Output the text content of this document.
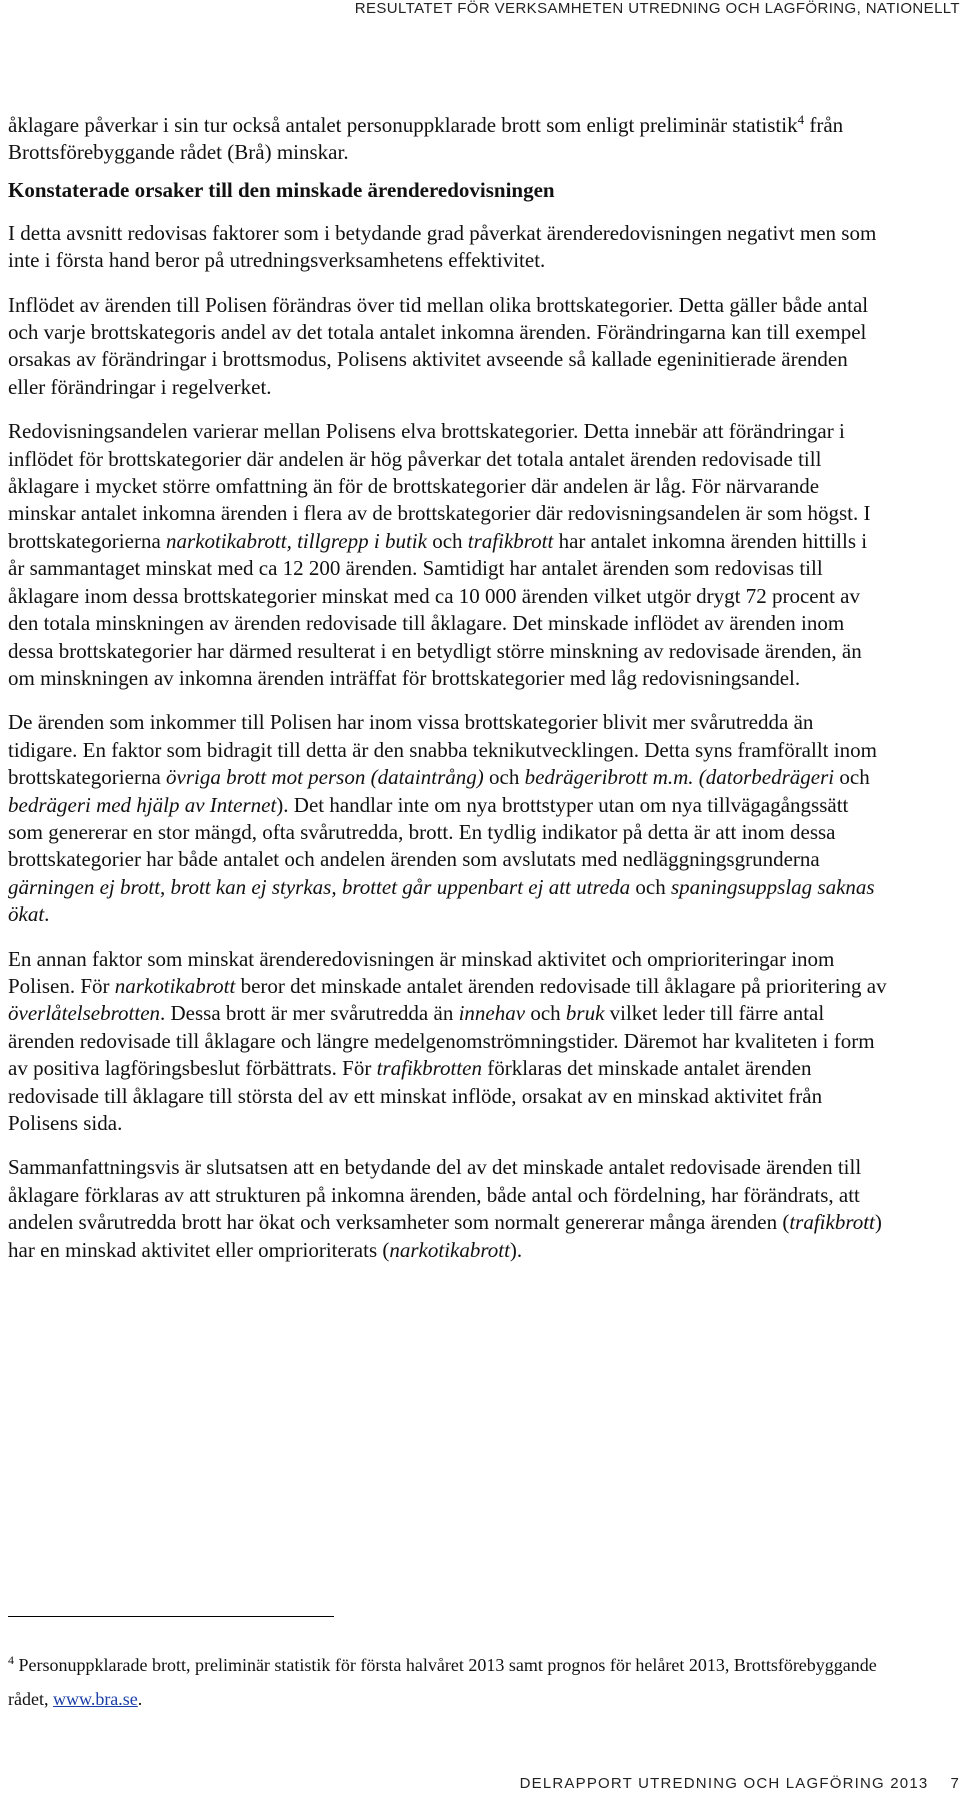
RESULTATET FÖR VERKSAMHETEN UTREDNING OCH LAGFÖRING, NATIONELLT

åklagare påverkar i sin tur också antalet personuppklarade brott som enligt preliminär statistik$^4$ från Brottsförebyggande rådet (Brå) minskar.

Konstaterade orsaker till den minskade ärenderedovisningen

I detta avsnitt redovisas faktorer som i betydande grad påverkat ärenderedovisningen negativt men som inte i första hand beror på utredningsverksamhetens effektivitet.

Inflödet av ärenden till Polisen förändras över tid mellan olika brottskategorier. Detta gäller både antal och varje brottskategoris andel av det totala antalet inkomna ärenden. Förändringarna kan till exempel orsakas av förändringar i brottsmodus, Polisens aktivitet avseende så kallade egeninitierade ärenden eller förändringar i regelverket.

Redovisningsandelen varierar mellan Polisens elva brottskategorier. Detta innebär att förändringar i inflödet för brottskategorier där andelen är hög påverkar det totala antalet ärenden redovisade till åklagare i mycket större omfattning än för de brottskategorier där andelen är låg. För närvarande minskar antalet inkomna ärenden i flera av de brottskategorier där redovisningsandelen är som högst. I brottskategorierna narkotikabrott, tillgrepp i butik och trafikbrott har antalet inkomna ärenden hittills i år sammantaget minskat med ca 12 200 ärenden. Samtidigt har antalet ärenden som redovisas till åklagare inom dessa brottskategorier minskat med ca 10 000 ärenden vilket utgör drygt 72 procent av den totala minskningen av ärenden redovisade till åklagare. Det minskade inflödet av ärenden inom dessa brottskategorier har därmed resulterat i en betydligt större minskning av redovisade ärenden, än om minskningen av inkomna ärenden inträffat för brottskategorier med låg redovisningsandel.

De ärenden som inkommer till Polisen har inom vissa brottskategorier blivit mer svårutredda än tidigare. En faktor som bidragit till detta är den snabba teknikutvecklingen. Detta syns framförallt inom brottskategorierna övriga brott mot person (dataintrång) och bedrägeribrott m.m. (datorbedrägeri och bedrägeri med hjälp av Internet). Det handlar inte om nya brottstyper utan om nya tillvägagångssätt som genererar en stor mängd, ofta svårutredda, brott. En tydlig indikator på detta är att inom dessa brottskategorier har både antalet och andelen ärenden som avslutats med nedläggningsgrunderna gärningen ej brott, brott kan ej styrkas, brottet går uppenbart ej att utreda och spaningsuppslag saknas ökat.

En annan faktor som minskat ärenderedovisningen är minskad aktivitet och omprioriteringar inom Polisen. För narkotikabrott beror det minskade antalet ärenden redovisade till åklagare på prioritering av överlåtelsebrotten. Dessa brott är mer svårutredda än innehav och bruk vilket leder till färre antal ärenden redovisade till åklagare och längre medelgenomströmningstider. Däremot har kvaliteten i form av positiva lagföringsbeslut förbättrats. För trafikbrotten förklaras det minskade antalet ärenden redovisade till åklagare till största del av ett minskat inflöde, orsakat av en minskad aktivitet från Polisens sida.

Sammanfattningsvis är slutsatsen att en betydande del av det minskade antalet redovisade ärenden till åklagare förklaras av att strukturen på inkomna ärenden, både antal och fördelning, har förändrats, att andelen svårutredda brott har ökat och verksamheter som normalt genererar många ärenden (trafikbrott) har en minskad aktivitet eller omprioriterats (narkotikabrott).

$^4$ Personuppklarade brott, preliminär statistik för första halvåret 2013 samt prognos för helåret 2013, Brottsförebyggande rådet, www.bra.se.
DELRAPPORT UTREDNING OCH LAGFÖRING 2013 7
